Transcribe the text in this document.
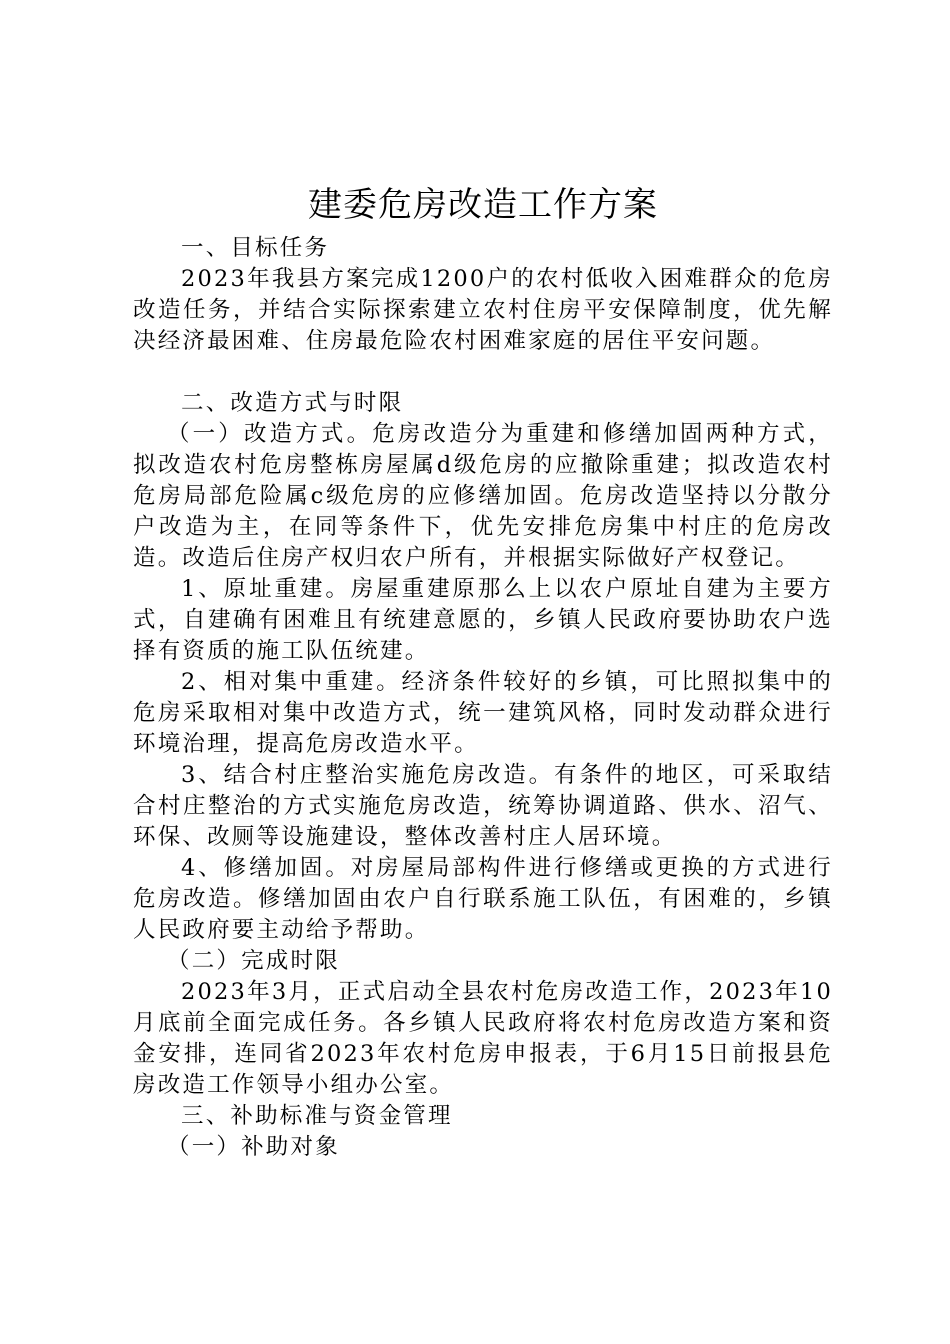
建委危房改造工作方案

一、目标任务

2023年我县方案完成1200户的农村低收入困难群众的危房改造任务，并结合实际探索建立农村住房平安保障制度，优先解决经济最困难、住房最危险农村困难家庭的居住平安问题。

二、改造方式与时限

（一）改造方式。危房改造分为重建和修缮加固两种方式，拟改造农村危房整栋房屋属d级危房的应撤除重建；拟改造农村危房局部危险属c级危房的应修缮加固。危房改造坚持以分散分户改造为主，在同等条件下，优先安排危房集中村庄的危房改造。改造后住房产权归农户所有，并根据实际做好产权登记。

1、原址重建。房屋重建原那么上以农户原址自建为主要方式，自建确有困难且有统建意愿的，乡镇人民政府要协助农户选择有资质的施工队伍统建。

2、相对集中重建。经济条件较好的乡镇，可比照拟集中的危房采取相对集中改造方式，统一建筑风格，同时发动群众进行环境治理，提高危房改造水平。

3、结合村庄整治实施危房改造。有条件的地区，可采取结合村庄整治的方式实施危房改造，统筹协调道路、供水、沼气、环保、改厕等设施建设，整体改善村庄人居环境。

4、修缮加固。对房屋局部构件进行修缮或更换的方式进行危房改造。修缮加固由农户自行联系施工队伍，有困难的，乡镇人民政府要主动给予帮助。

（二）完成时限

2023年3月，正式启动全县农村危房改造工作，2023年10月底前全面完成任务。各乡镇人民政府将农村危房改造方案和资金安排，连同省2023年农村危房申报表，于6月15日前报县危房改造工作领导小组办公室。

三、补助标准与资金管理

（一）补助对象
